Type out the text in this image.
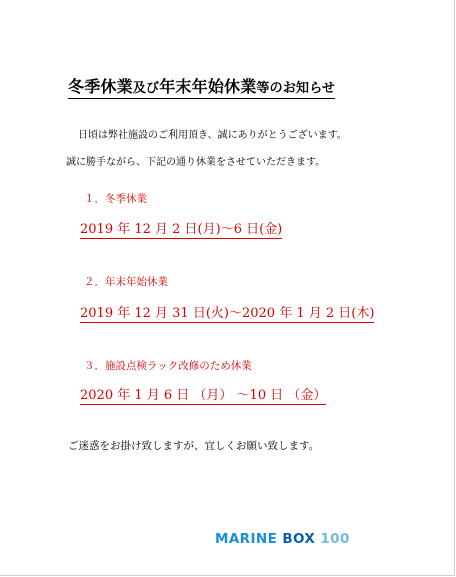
冬季休業及び年末年始休業等のお知らせ
日頃は弊社施設のご利用頂き、誠にありがとうございます。
誠に勝手ながら、下記の通り休業をさせていただきます。
１．冬季休業
2019 年 12 月 2 日(月)～6 日(金)
２．年末年始休業
2019 年 12 月 31 日(火)～2020 年 1 月 2 日(木)
３．施設点検ラック改修のため休業
2020 年 1 月 6 日 （月） ～10 日 （金）
ご迷惑をお掛け致しますが、宜しくお願い致します。
MARINE BOX 100
